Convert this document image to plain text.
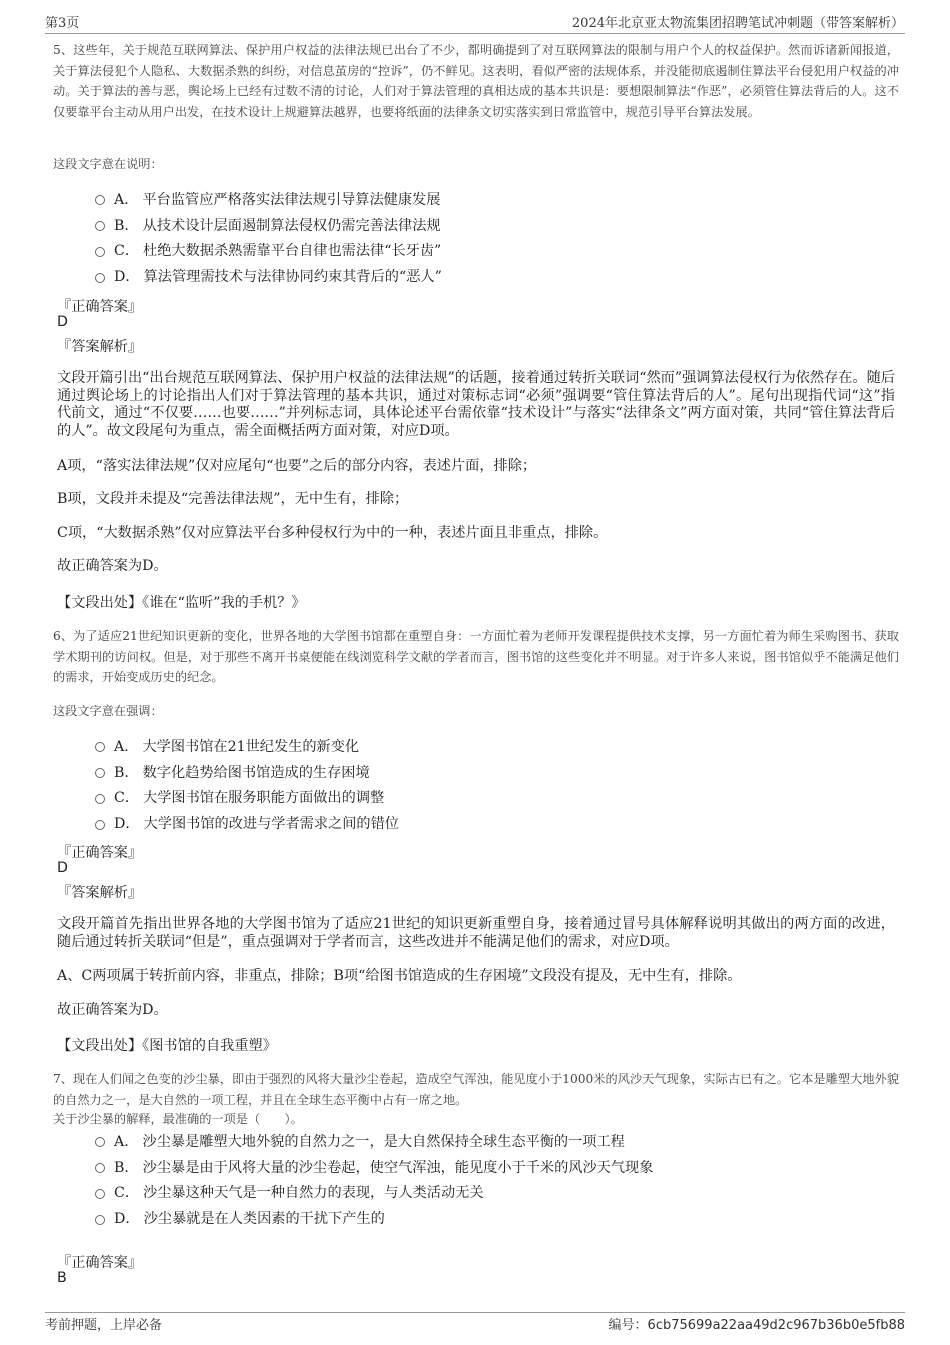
第3页	2024年北京亚太物流集团招聘笔试冲刺题（带答案解析）
5、这些年，关于规范互联网算法、保护用户权益的法律法规已出台了不少，都明确提到了对互联网算法的限制与用户个人的权益保护。然而诉诸新闻报道，关于算法侵犯个人隐私、大数据杀熟的纠纷，对信息茧房的“控诉”，仍不鲜见。这表明，看似严密的法规体系，并没能彻底遏制住算法平台侵犯用户权益的冲动。关于算法的善与恶，舆论场上已经有过数不清的讨论，人们对于算法管理的真相达成的基本共识是：要想限制算法“作恶”，必须管住算法背后的人。这不仅要靠平台主动从用户出发，在技术设计上规避算法越界，也要将纸面的法律条文切实落实到日常监管中，规范引导平台算法发展。
这段文字意在说明：
A． 平台监管应严格落实法律法规引导算法健康发展
B． 从技术设计层面遏制算法侵权仍需完善法律法规
C． 杜绝大数据杀熟需靠平台自律也需法律“长牙齿”
D． 算法管理需技术与法律协同约束其背后的“恶人”
『正确答案』
D
『答案解析』
文段开篇引出“出台规范互联网算法、保护用户权益的法律法规”的话题，接着通过转折关联词“然而”强调算法侵权行为依然存在。随后通过舆论场上的讨论指出人们对于算法管理的基本共识，通过对策标志词“必须”强调要“管住算法背后的人”。尾句出现指代词“这”指代前文，通过“不仅要……也要……”并列标志词，具体论述平台需依靠“技术设计”与落实“法律条文”两方面对策，共同“管住算法背后的人”。故文段尾句为重点，需全面概括两方面对策，对应D项。
A项，“落实法律法规”仅对应尾句“也要”之后的部分内容，表述片面，排除；
B项，文段并未提及“完善法律法规”，无中生有，排除；
C项，“大数据杀熟”仅对应算法平台多种侵权行为中的一种，表述片面且非重点，排除。
故正确答案为D。
【文段出处】《谁在“监听”我的手机？》
6、为了适应21世纪知识更新的变化，世界各地的大学图书馆都在重塑自身：一方面忙着为老师开发课程提供技术支撑，另一方面忙着为师生采购图书、获取学术期刊的访问权。但是，对于那些不离开书桌便能在线浏览科学文献的学者而言，图书馆的这些变化并不明显。对于许多人来说，图书馆似乎不能满足他们的需求，开始变成历史的纪念。
这段文字意在强调：
A． 大学图书馆在21世纪发生的新变化
B． 数字化趋势给图书馆造成的生存困境
C． 大学图书馆在服务职能方面做出的调整
D． 大学图书馆的改进与学者需求之间的错位
『正确答案』
D
『答案解析』
文段开篇首先指出世界各地的大学图书馆为了适应21世纪的知识更新重塑自身，接着通过冒号具体解释说明其做出的两方面的改进，随后通过转折关联词“但是”，重点强调对于学者而言，这些改进并不能满足他们的需求，对应D项。
A、C两项属于转折前内容，非重点，排除；B项“给图书馆造成的生存困境”文段没有提及，无中生有，排除。
故正确答案为D。
【文段出处】《图书馆的自我重塑》
7、现在人们闻之色变的沙尘暴，即由于强烈的风将大量沙尘卷起，造成空气浑浊，能见度小于1000米的风沙天气现象，实际古已有之。它本是雕塑大地外貌的自然力之一，是大自然的一项工程，并且在全球生态平衡中占有一席之地。
关于沙尘暴的解释，最准确的一项是（　　）。
A． 沙尘暴是雕塑大地外貌的自然力之一，是大自然保持全球生态平衡的一项工程
B． 沙尘暴是由于风将大量的沙尘卷起，使空气浑浊，能见度小于千米的风沙天气现象
C． 沙尘暴这种天气是一种自然力的表现，与人类活动无关
D． 沙尘暴就是在人类因素的干扰下产生的
『正确答案』
B
考前押题，上岸必备	编号：6cb75699a22aa49d2c967b36b0e5fb88
